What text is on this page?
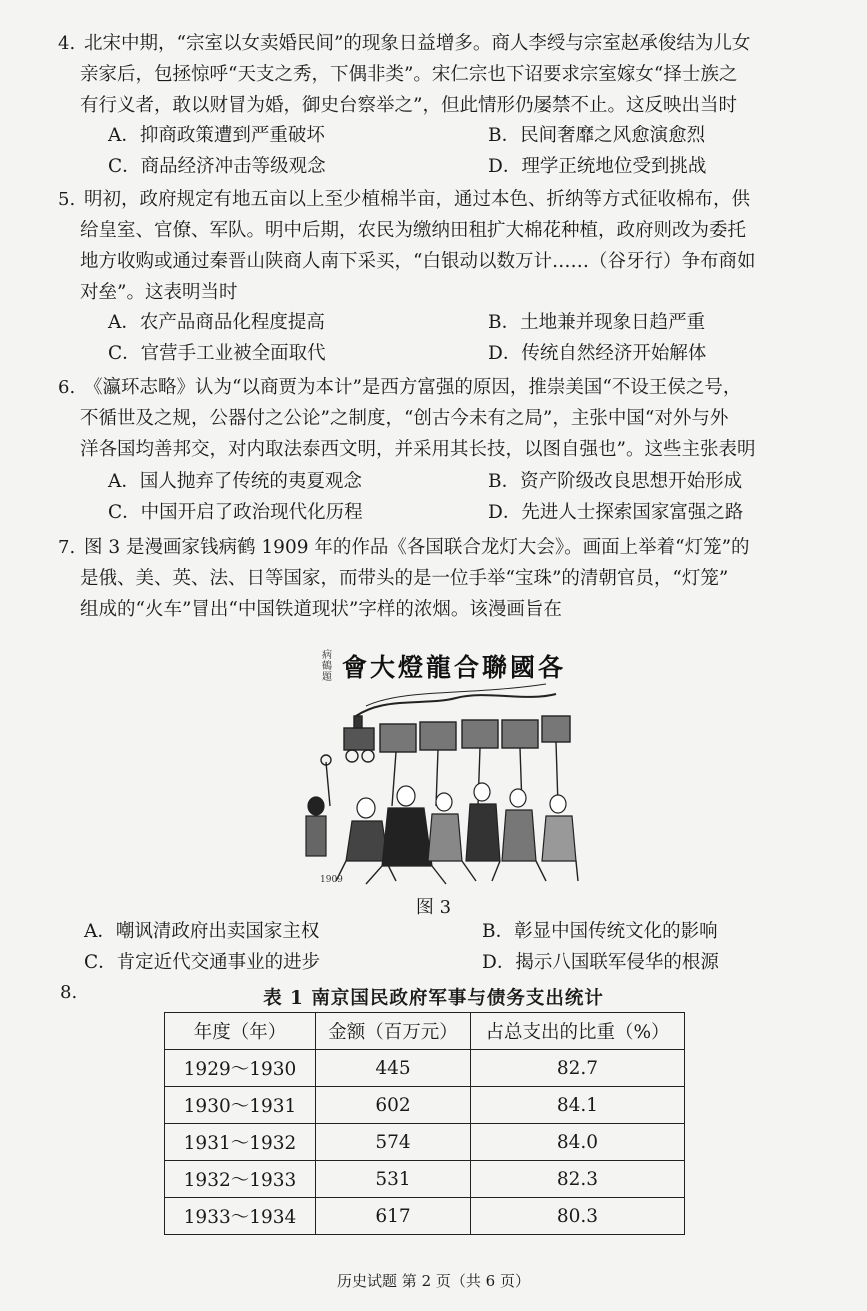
4. 北宋中期，“宗室以女卖婚民间”的现象日益增多。商人李绶与宗室赵承俊结为儿女

亲家后，包拯惊呼“天支之秀，下偶非类”。宋仁宗也下诏要求宗室嫁女“择士族之

有行义者，敢以财冒为婚，御史台察举之”，但此情形仍屡禁不止。这反映出当时

A．抑商政策遭到严重破坏	B．民间奢靡之风愈演愈烈
C．商品经济冲击等级观念	D．理学正统地位受到挑战
5. 明初，政府规定有地五亩以上至少植棉半亩，通过本色、折纳等方式征收棉布，供

给皇室、官僚、军队。明中后期，农民为缴纳田租扩大棉花种植，政府则改为委托

地方收购或通过秦晋山陕商人南下采买，“白银动以数万计……（谷牙行）争布商如

对垒”。这表明当时

A．农产品商品化程度提高	B．土地兼并现象日趋严重
C．官营手工业被全面取代	D．传统自然经济开始解体
6. 《瀛环志略》认为“以商贾为本计”是西方富强的原因，推崇美国“不设王侯之号，

不循世及之规，公器付之公论”之制度，“创古今未有之局”，主张中国“对外与外

洋各国均善邦交，对内取法泰西文明，并采用其长技，以图自强也”。这些主张表明

A．国人抛弃了传统的夷夏观念	B．资产阶级改良思想开始形成
C．中国开启了政治现代化历程	D．先进人士探索国家富强之路
7. 图 3 是漫画家钱病鹤 1909 年的作品《各国联合龙灯大会》。画面上举着“灯笼”的

是俄、美、英、法、日等国家，而带头的是一位手举“宝珠”的清朝官员，“灯笼”

组成的“火车”冒出“中国铁道现状”字样的浓烟。该漫画旨在

病鶴題 會大燈龍合聯國各
1909
图 3
A．嘲讽清政府出卖国家主权	B．彰显中国传统文化的影响
C．肯定近代交通事业的进步	D．揭示八国联军侵华的根源
8.	表 1 南京国民政府军事与债务支出统计
年度（年）	金额（百万元）	占总支出的比重（%）
1929～1930	445	82.7
1930～1931	602	84.1
1931～1932	574	84.0
1932～1933	531	82.3
1933～1934	617	80.3
历史试题 第 2 页（共 6 页）
